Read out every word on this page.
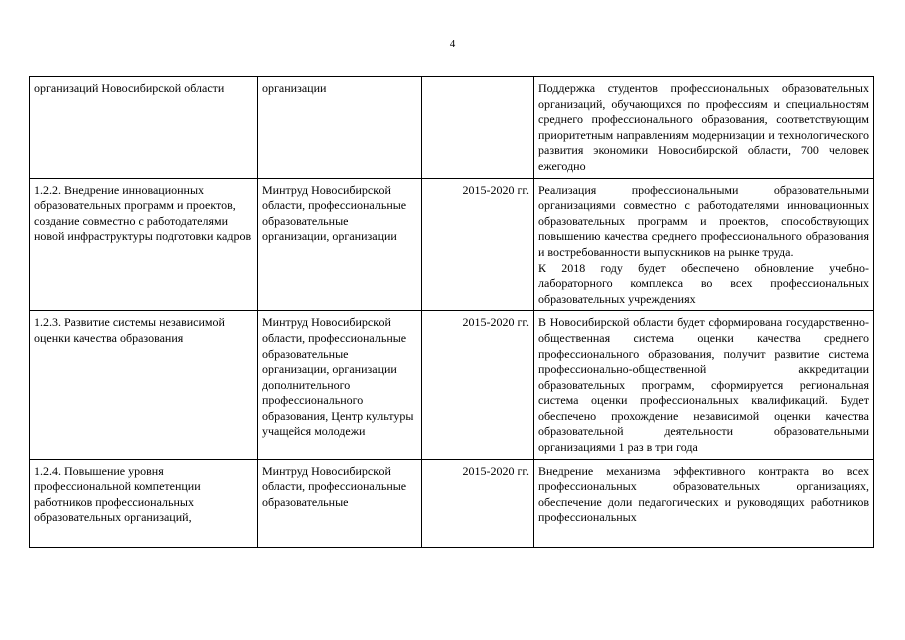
4
организаций Новосибирской области	организации		Поддержка студентов профессиональных образовательных организаций, обучающихся по профессиям и специальностям среднего профессионального образования, соответствующим приоритетным направлениям модернизации и технологического развития экономики Новосибирской области, 700 человек ежегодно

1.2.2. Внедрение инновационных образовательных программ и проектов, создание совместно с работодателями новой инфраструктуры подготовки кадров	Минтруд Новосибирской области, профессиональные образовательные организации, организации	2015-2020 гг.	Реализация профессиональными образовательными организациями совместно с работодателями инновационных образовательных программ и проектов, способствующих повышению качества среднего профессионального образования и востребованности выпускников на рынке труда.
К 2018 году будет обеспечено обновление учебно-лабораторного комплекса во всех профессиональных образовательных учреждениях

1.2.3. Развитие системы независимой оценки качества образования	Минтруд Новосибирской области, профессиональные образовательные организации, организации дополнительного профессионального образования, Центр культуры учащейся молодежи	2015-2020 гг.	В Новосибирской области будет сформирована государственно-общественная система оценки качества среднего профессионального образования, получит развитие система профессионально-общественной аккредитации образовательных программ, сформируется региональная система оценки профессиональных квалификаций. Будет обеспечено прохождение независимой оценки качества образовательной деятельности образовательными организациями 1 раз в три года

1.2.4. Повышение уровня профессиональной компетенции работников профессиональных образовательных организаций,	Минтруд Новосибирской области, профессиональные образовательные	2015-2020 гг.	Внедрение механизма эффективного контракта во всех профессиональных образовательных организациях, обеспечение доли педагогических и руководящих работников профессиональных
